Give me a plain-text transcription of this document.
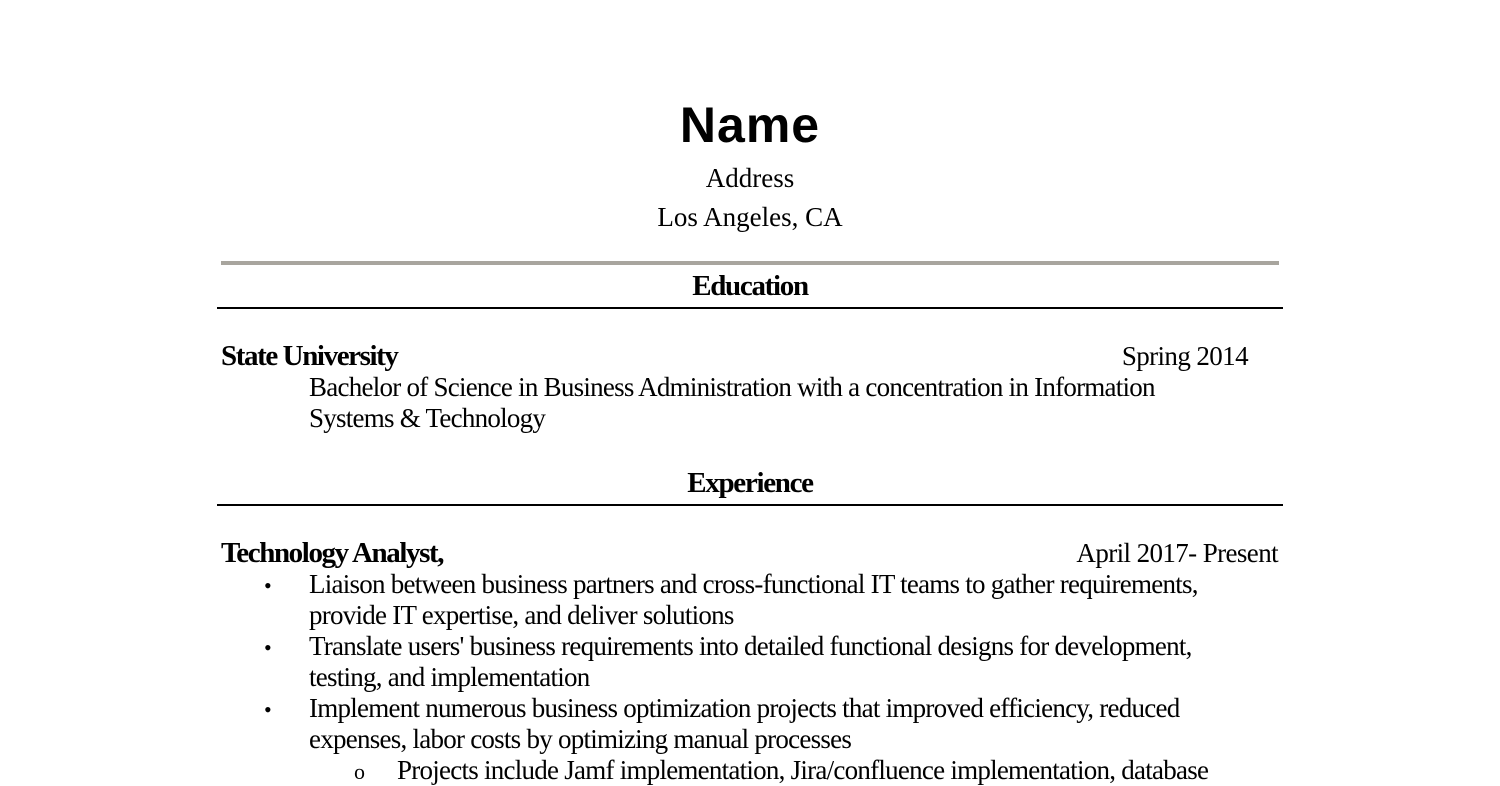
Name
Address
Los Angeles, CA
Education
State University	Spring 2014
Bachelor of Science in Business Administration with a concentration in Information
Systems & Technology
Experience
Technology Analyst,	April 2017- Present
• Liaison between business partners and cross-functional IT teams to gather requirements,
provide IT expertise, and deliver solutions
• Translate users' business requirements into detailed functional designs for development,
testing, and implementation
• Implement numerous business optimization projects that improved efficiency, reduced
expenses, labor costs by optimizing manual processes
o Projects include Jamf implementation, Jira/confluence implementation, database
